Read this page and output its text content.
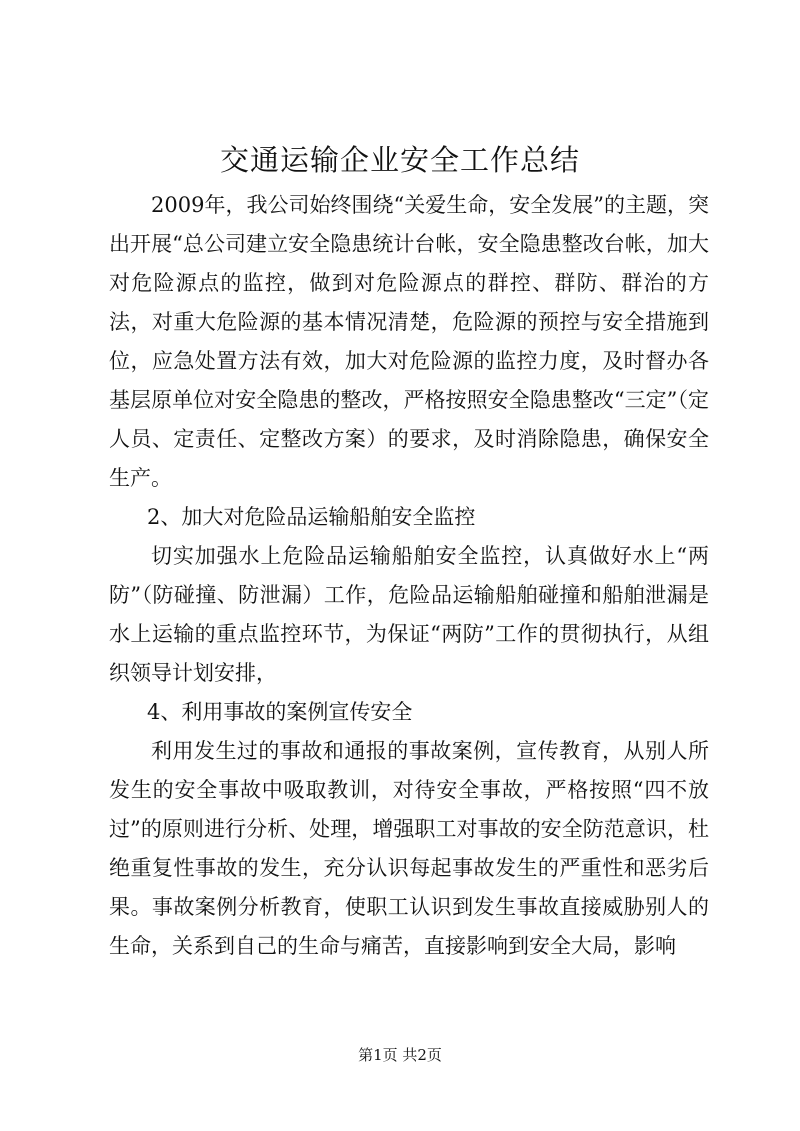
交通运输企业安全工作总结

2009年，我公司始终围绕“关爱生命，安全发展”的主题，突出开展“总公司建立安全隐患统计台帐，安全隐患整改台帐，加大对危险源点的监控，做到对危险源点的群控、群防、群治的方法，对重大危险源的基本情况清楚，危险源的预控与安全措施到位，应急处置方法有效，加大对危险源的监控力度，及时督办各基层原单位对安全隐患的整改，严格按照安全隐患整改“三定”（定人员、定责任、定整改方案）的要求，及时消除隐患，确保安全生产。

2、加大对危险品运输船舶安全监控

切实加强水上危险品运输船舶安全监控，认真做好水上“两防”（防碰撞、防泄漏）工作，危险品运输船舶碰撞和船舶泄漏是水上运输的重点监控环节，为保证“两防”工作的贯彻执行，从组织领导计划安排，

4、利用事故的案例宣传安全

利用发生过的事故和通报的事故案例，宣传教育，从别人所发生的安全事故中吸取教训，对待安全事故，严格按照“四不放过”的原则进行分析、处理，增强职工对事故的安全防范意识，杜绝重复性事故的发生，充分认识每起事故发生的严重性和恶劣后果。事故案例分析教育，使职工认识到发生事故直接威胁别人的生命，关系到自己的生命与痛苦，直接影响到安全大局，影响

第1页 共2页
